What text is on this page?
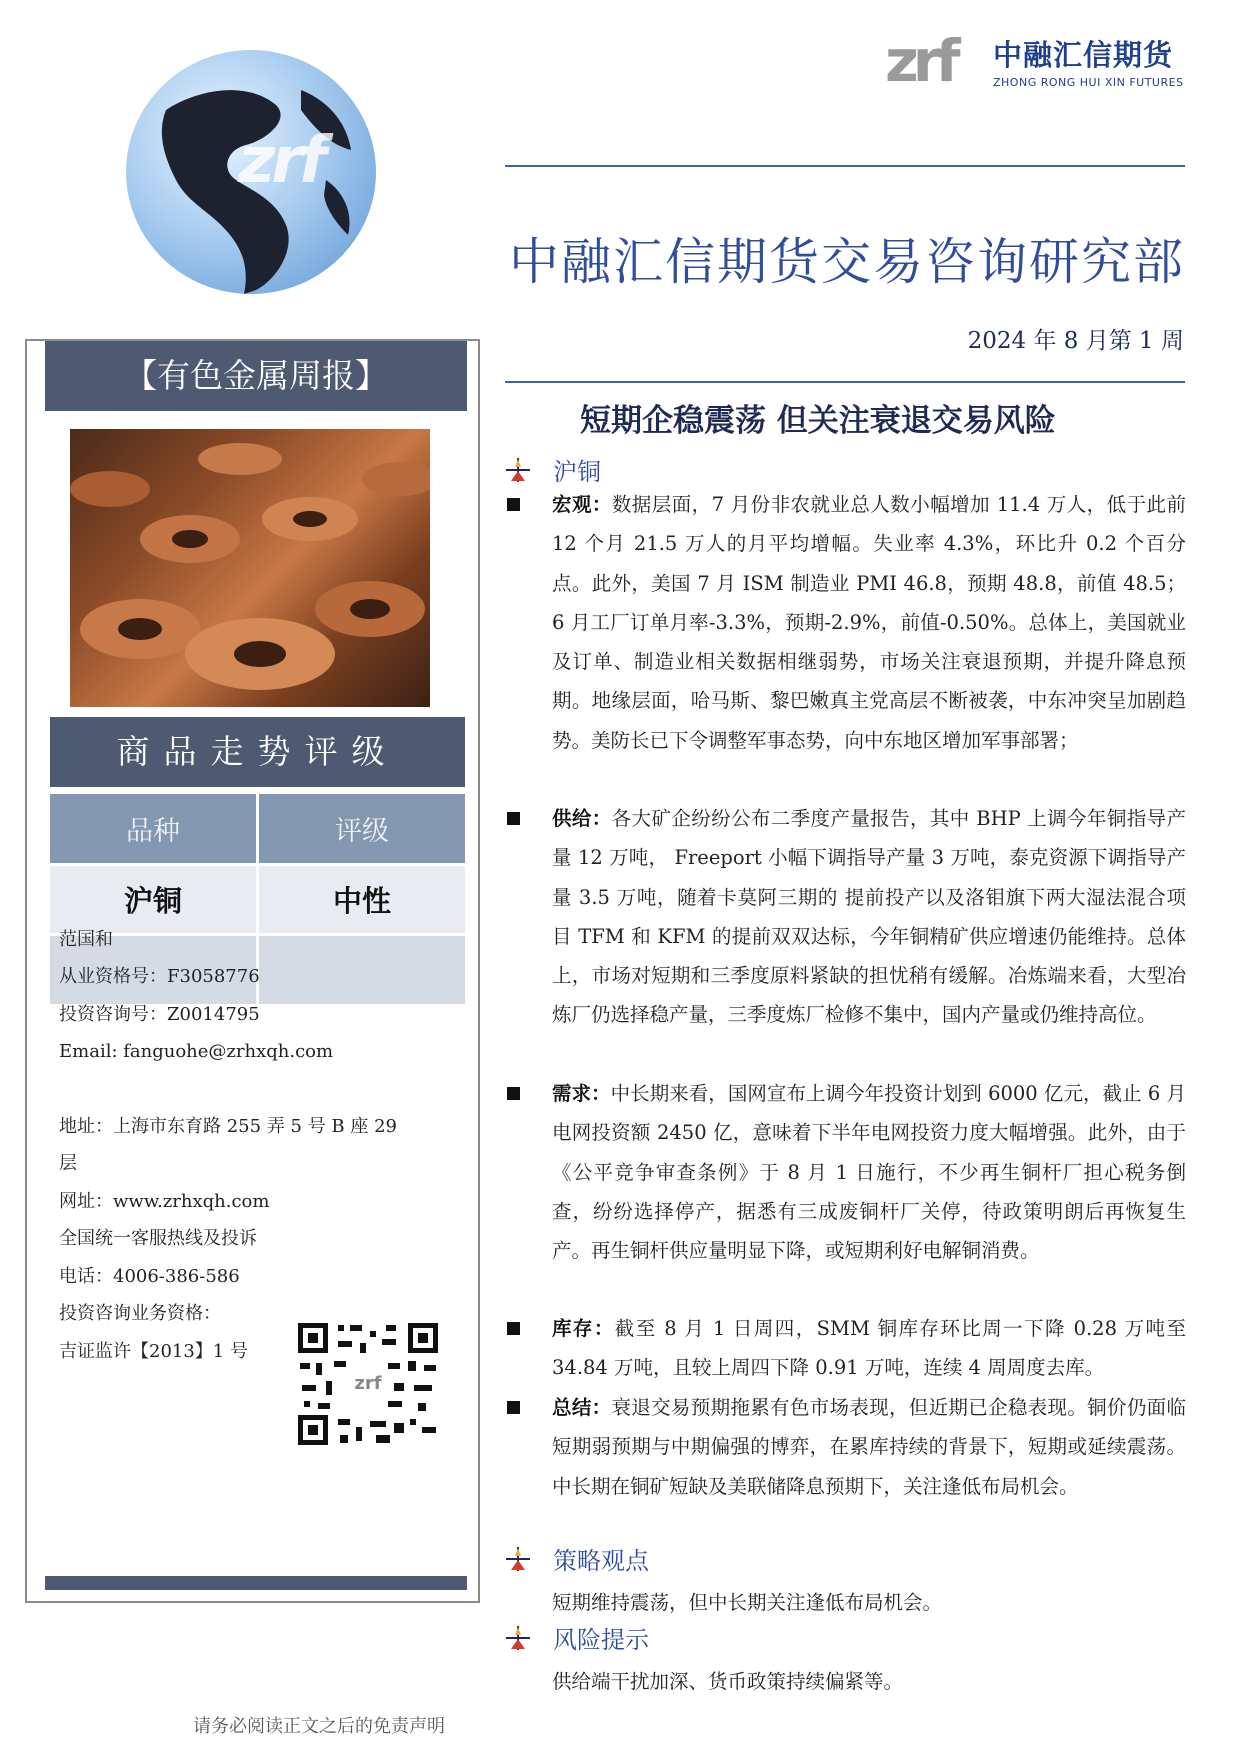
zrf
zrf	中融汇信期货
ZHONG RONG HUI XIN FUTURES
中融汇信期货交易咨询研究部
2024 年 8 月第 1 周
【有色金属周报】
商品走势评级
品种	评级
沪铜	中性

范国和
从业资格号：F3058776
投资咨询号：Z0014795
Email: fanguohe@zrhxqh.com
地址：上海市东育路 255 弄 5 号 B 座 29
层
网址：www.zrhxqh.com
全国统一客服热线及投诉
电话：4006-386-586
投资咨询业务资格：
吉证监许【2013】1 号
zrf
短期企稳震荡 但关注衰退交易风险
沪铜
宏观：数据层面，7 月份非农就业总人数小幅增加 11.4 万人，低于此前 12 个月 21.5 万人的月平均增幅。失业率 4.3%，环比升 0.2 个百分点。此外，美国 7 月 ISM 制造业 PMI 46.8，预期 48.8，前值 48.5；6 月工厂订单月率-3.3%，预期-2.9%，前值-0.50%。总体上，美国就业及订单、制造业相关数据相继弱势，市场关注衰退预期，并提升降息预期。地缘层面，哈马斯、黎巴嫩真主党高层不断被袭，中东冲突呈加剧趋势。美防长已下令调整军事态势，向中东地区增加军事部署；
供给：各大矿企纷纷公布二季度产量报告，其中 BHP 上调今年铜指导产量 12 万吨， Freeport 小幅下调指导产量 3 万吨，泰克资源下调指导产量 3.5 万吨，随着卡莫阿三期的 提前投产以及洛钼旗下两大湿法混合项目 TFM 和 KFM 的提前双双达标，今年铜精矿供应增速仍能维持。总体上，市场对短期和三季度原料紧缺的担忧稍有缓解。冶炼端来看，大型冶炼厂仍选择稳产量，三季度炼厂检修不集中，国内产量或仍维持高位。
需求：中长期来看，国网宣布上调今年投资计划到 6000 亿元，截止 6 月电网投资额 2450 亿，意味着下半年电网投资力度大幅增强。此外，由于《公平竞争审查条例》于 8 月 1 日施行，不少再生铜杆厂担心税务倒查，纷纷选择停产，据悉有三成废铜杆厂关停，待政策明朗后再恢复生产。再生铜杆供应量明显下降，或短期利好电解铜消费。
库存：截至 8 月 1 日周四，SMM 铜库存环比周一下降 0.28 万吨至 34.84 万吨，且较上周四下降 0.91 万吨，连续 4 周周度去库。
总结：衰退交易预期拖累有色市场表现，但近期已企稳表现。铜价仍面临短期弱预期与中期偏强的博弈，在累库持续的背景下，短期或延续震荡。中长期在铜矿短缺及美联储降息预期下，关注逢低布局机会。
策略观点
短期维持震荡，但中长期关注逢低布局机会。
风险提示
供给端干扰加深、货币政策持续偏紧等。
请务必阅读正文之后的免责声明
